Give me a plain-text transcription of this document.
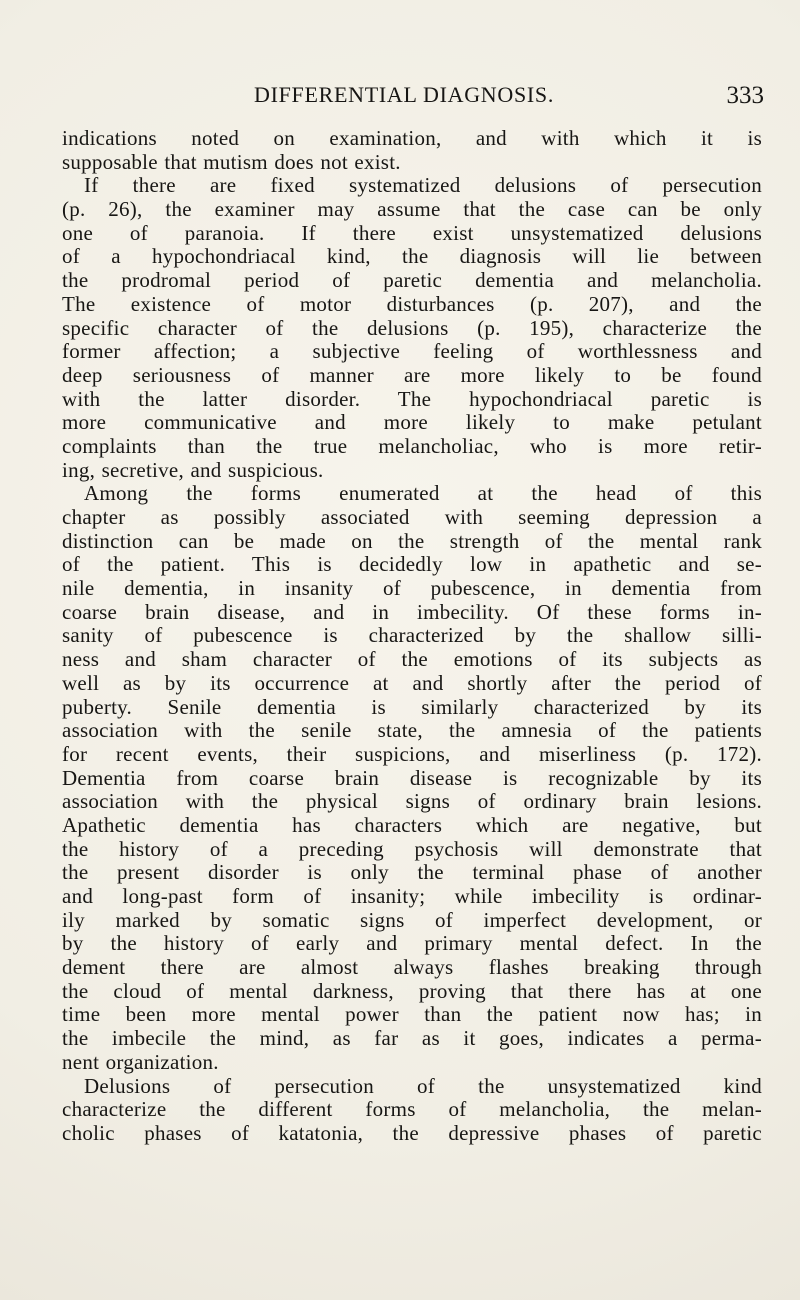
DIFFERENTIAL DIAGNOSIS.	333
indications noted on examination, and with which it is
supposable that mutism does not exist.
If there are fixed systematized delusions of persecution
(p. 26), the examiner may assume that the case can be only
one of paranoia. If there exist unsystematized delusions
of a hypochondriacal kind, the diagnosis will lie between
the prodromal period of paretic dementia and melancholia.
The existence of motor disturbances (p. 207), and the
specific character of the delusions (p. 195), characterize the
former affection; a subjective feeling of worthlessness and
deep seriousness of manner are more likely to be found
with the latter disorder. The hypochondriacal paretic is
more communicative and more likely to make petulant
complaints than the true melancholiac, who is more retir-
ing, secretive, and suspicious.
Among the forms enumerated at the head of this
chapter as possibly associated with seeming depression a
distinction can be made on the strength of the mental rank
of the patient. This is decidedly low in apathetic and se-
nile dementia, in insanity of pubescence, in dementia from
coarse brain disease, and in imbecility. Of these forms in-
sanity of pubescence is characterized by the shallow silli-
ness and sham character of the emotions of its subjects as
well as by its occurrence at and shortly after the period of
puberty. Senile dementia is similarly characterized by its
association with the senile state, the amnesia of the patients
for recent events, their suspicions, and miserliness (p. 172).
Dementia from coarse brain disease is recognizable by its
association with the physical signs of ordinary brain lesions.
Apathetic dementia has characters which are negative, but
the history of a preceding psychosis will demonstrate that
the present disorder is only the terminal phase of another
and long-past form of insanity; while imbecility is ordinar-
ily marked by somatic signs of imperfect development, or
by the history of early and primary mental defect. In the
dement there are almost always flashes breaking through
the cloud of mental darkness, proving that there has at one
time been more mental power than the patient now has; in
the imbecile the mind, as far as it goes, indicates a perma-
nent organization.
Delusions of persecution of the unsystematized kind
characterize the different forms of melancholia, the melan-
cholic phases of katatonia, the depressive phases of paretic
